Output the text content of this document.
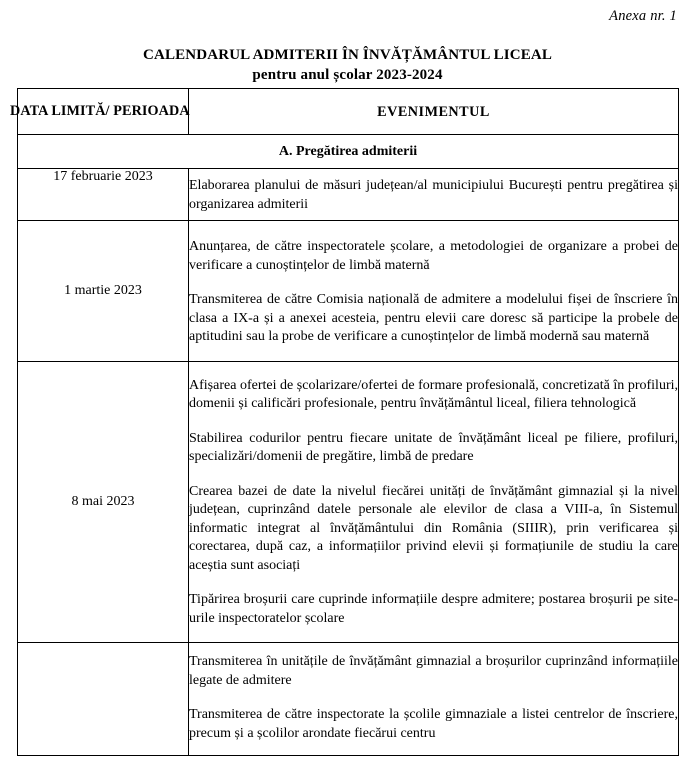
Anexa nr. 1
CALENDARUL ADMITERII ÎN ÎNVĂȚĂMÂNTUL LICEAL
pentru anul școlar 2023-2024
DATA LIMITĂ/ PERIOADA	EVENIMENTUL
A. Pregătirea admiterii	
17 februarie 2023	Elaborarea planului de măsuri județean/al municipiului București pentru pregătirea și organizarea admiterii

1 martie 2023	Anunțarea, de către inspectoratele școlare, a metodologiei de organizare a probei de verificare a cunoștințelor de limbă maternă

Transmiterea de către Comisia națională de admitere a modelului fișei de înscriere în clasa a IX-a și a anexei acesteia, pentru elevii care doresc să participe la probele de aptitudini sau la probe de verificare a cunoștințelor de limbă modernă sau maternă

8 mai 2023	Afișarea ofertei de școlarizare/ofertei de formare profesională, concretizată în profiluri, domenii și calificări profesionale, pentru învățământul liceal, filiera tehnologică

Stabilirea codurilor pentru fiecare unitate de învățământ liceal pe filiere, profiluri, specializări/domenii de pregătire, limbă de predare

Crearea bazei de date la nivelul fiecărei unități de învățământ gimnazial și la nivel județean, cuprinzând datele personale ale elevilor de clasa a VIII-a, în Sistemul informatic integrat al învățământului din România (SIIIR), prin verificarea și corectarea, după caz, a informațiilor privind elevii și formațiunile de studiu la care aceștia sunt asociați

Tipărirea broșurii care cuprinde informațiile despre admitere; postarea broșurii pe site-urile inspectoratelor școlare

	Transmiterea în unitățile de învățământ gimnazial a broșurilor cuprinzând informațiile legate de admitere

Transmiterea de către inspectorate la școlile gimnaziale a listei centrelor de înscriere, precum și a școlilor arondate fiecărui centru
